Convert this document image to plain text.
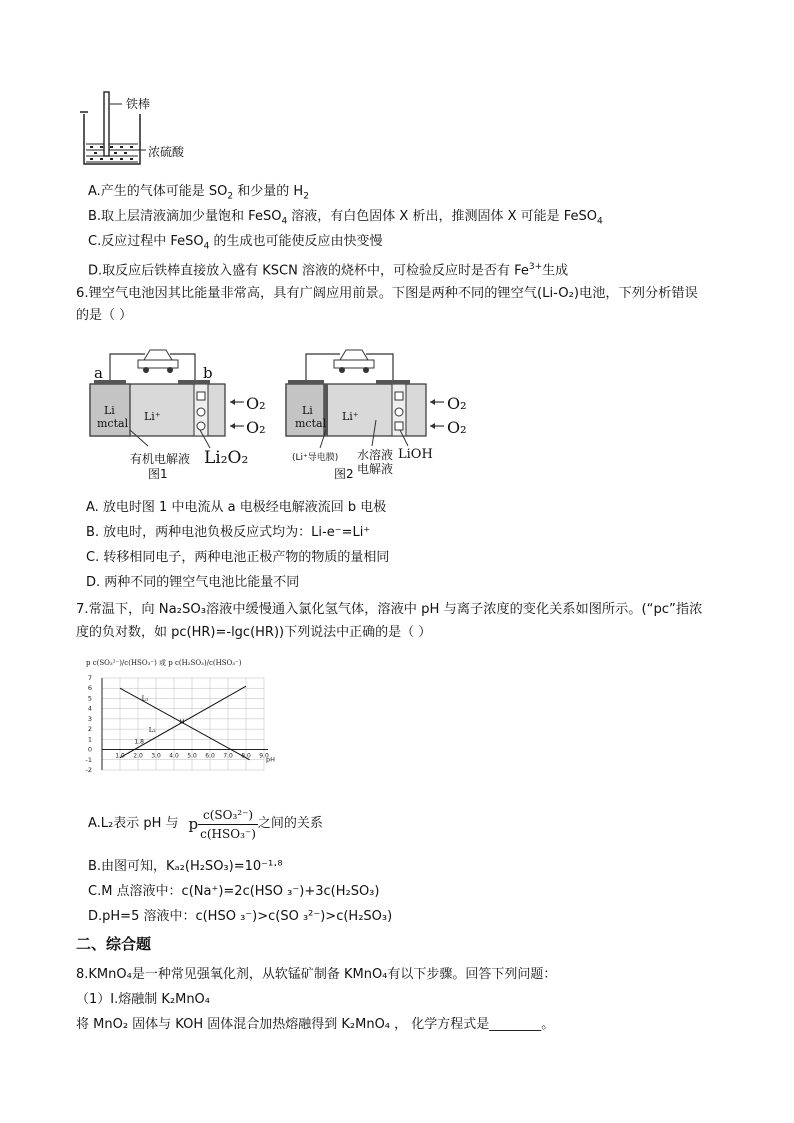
铁棒
浓硫酸
A.产生的气体可能是 $SO_2$ 和少量的 $H_2$
B.取上层清液滴加少量饱和 FeSO$_4$ 溶液，有白色固体 X 析出，推测固体 X 可能是 FeSO$_4$
C.反应过程中 FeSO$_4$ 的生成也可能使反应由快变慢
D.取反应后铁棒直接放入盛有 KSCN 溶液的烧杯中，可检验反应时是否有 $Fe^{3+}$生成
6.锂空气电池因其比能量非常高，具有广阔应用前景。下图是两种不同的锂空气(Li-O₂)电池，下列分析错误
的是（ ）
a	b
Li
mctal
Li⁺
O₂
O₂
有机电解液 Li₂O₂
图1
Li
mctal
Li⁺
O₂
O₂
(Li⁺导电膜) 水溶液
电解液
LiOH
图2
A. 放电时图 1 中电流从 a 电极经电解液流回 b 电极
B. 放电时，两种电池负极反应式均为：Li-e⁻=Li⁺
C. 转移相同电子，两种电池正极产物的物质的量相同
D. 两种不同的锂空气电池比能量不同
7.常温下，向 Na₂SO₃溶液中缓慢通入氯化氢气体，溶液中 pH 与离子浓度的变化关系如图所示。(“pc”指浓
度的负对数，如 pc(HR)=-lgc(HR))下列说法中正确的是（ ）
p c(SO₃²⁻)/c(HSO₃⁻) 或 p c(H₂SO₃)/c(HSO₃⁻)
1.0 2.0 3.0 4.0 5.0 6.0 7.0 8.0 9.0
7
6
5
4
3
2
1
0
-1
-2
pH
L₁
L₂
M
1.8
A.L₂表示 pH 与 p $\frac{\text{c(SO₃²⁻)}}{\text{c(HSO₃⁻)}}$ 之间的关系
B.由图可知，Kₐ₂(H₂SO₃)=10⁻¹·⁸
C.M 点溶液中：c(Na⁺)=2c(HSO ₃⁻)+3c(H₂SO₃)
D.pH=5 溶液中：c(HSO ₃⁻)>c(SO ₃²⁻)>c(H₂SO₃)
二、综合题
8.KMnO₄是一种常见强氧化剂，从软锰矿制备 KMnO₄有以下步骤。回答下列问题：
（1）Ⅰ.熔融制 K₂MnO₄
将 MnO₂ 固体与 KOH 固体混合加热熔融得到 K₂MnO₄ ， 化学方程式是________。
